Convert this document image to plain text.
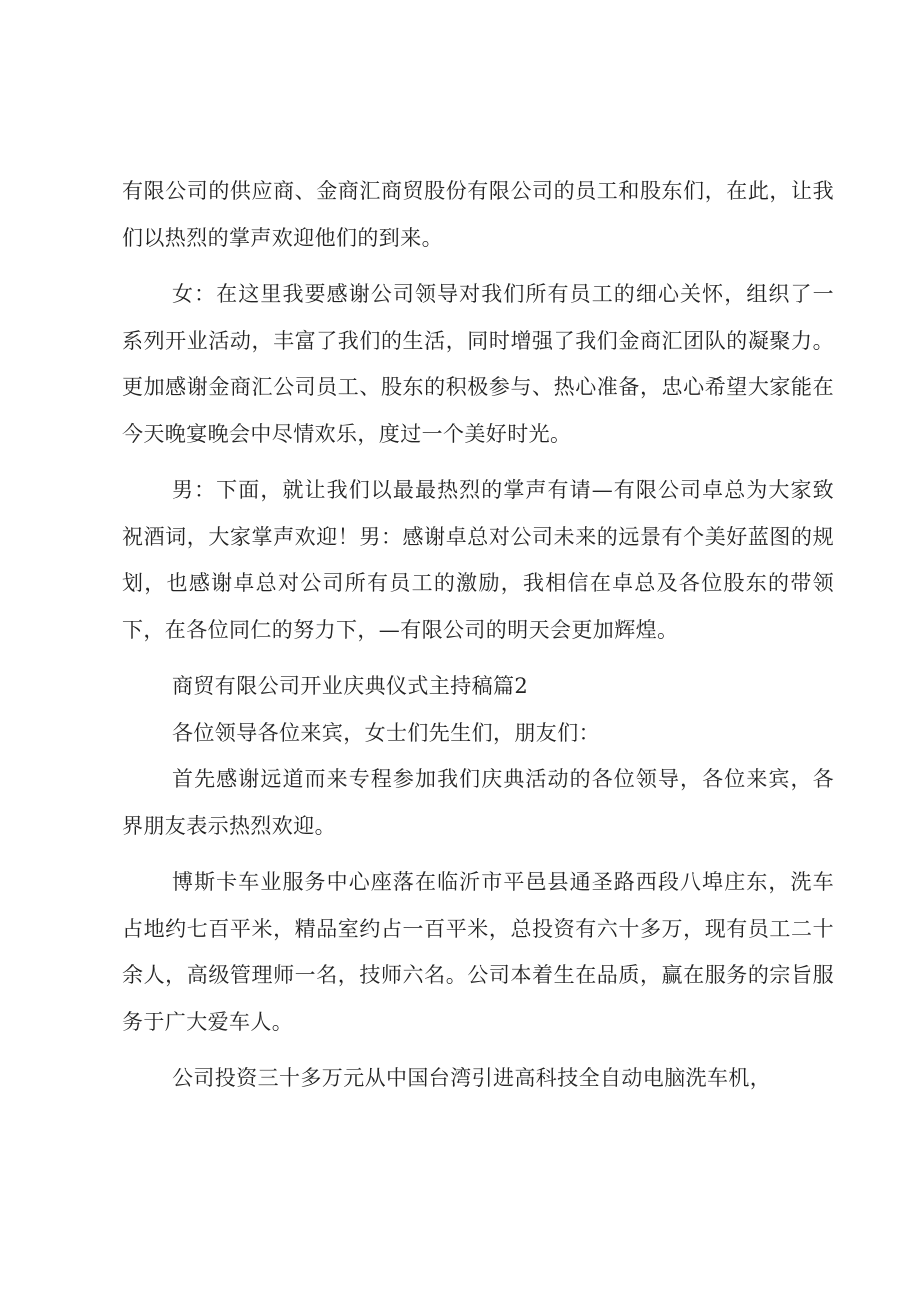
有限公司的供应商、金商汇商贸股份有限公司的员工和股东们，在此，让我们以热烈的掌声欢迎他们的到来。

女：在这里我要感谢公司领导对我们所有员工的细心关怀，组织了一系列开业活动，丰富了我们的生活，同时增强了我们金商汇团队的凝聚力。更加感谢金商汇公司员工、股东的积极参与、热心准备，忠心希望大家能在今天晚宴晚会中尽情欢乐，度过一个美好时光。

男：下面，就让我们以最最热烈的掌声有请—有限公司卓总为大家致祝酒词，大家掌声欢迎！男：感谢卓总对公司未来的远景有个美好蓝图的规划，也感谢卓总对公司所有员工的激励，我相信在卓总及各位股东的带领下，在各位同仁的努力下，—有限公司的明天会更加辉煌。

商贸有限公司开业庆典仪式主持稿篇2

各位领导各位来宾，女士们先生们，朋友们：

首先感谢远道而来专程参加我们庆典活动的各位领导，各位来宾，各界朋友表示热烈欢迎。

博斯卡车业服务中心座落在临沂市平邑县通圣路西段八埠庄东，洗车占地约七百平米，精品室约占一百平米，总投资有六十多万，现有员工二十余人，高级管理师一名，技师六名。公司本着生在品质，赢在服务的宗旨服务于广大爱车人。

公司投资三十多万元从中国台湾引进高科技全自动电脑洗车机，
